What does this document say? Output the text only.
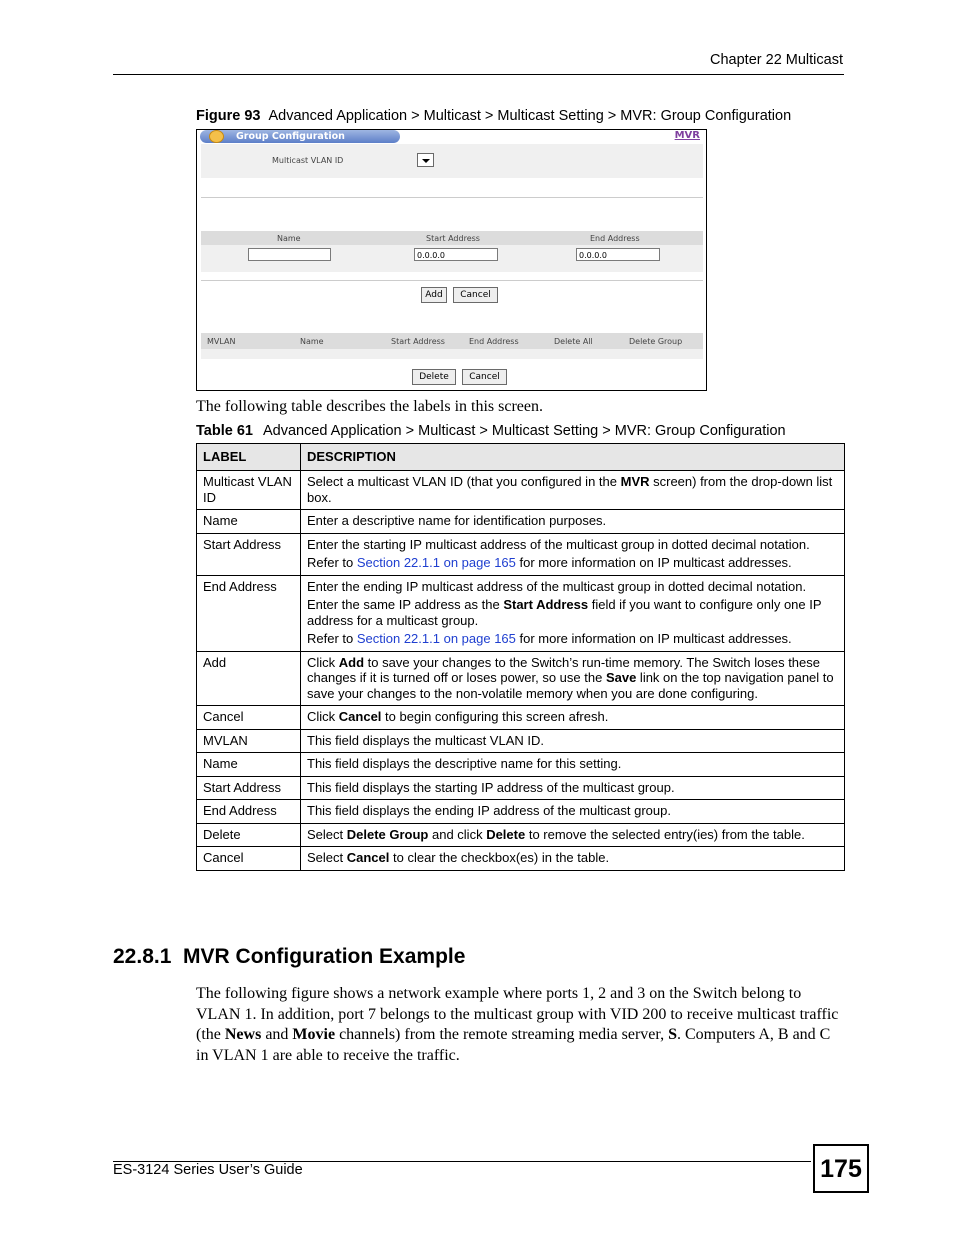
Chapter 22 Multicast
Figure 93 Advanced Application > Multicast > Multicast Setting > MVR: Group Configuration
Group Configuration	MVR
Multicast VLAN ID
Name	Start Address	End Address
0.0.0.0	0.0.0.0
Add	Cancel
MVLAN	Name	Start Address	End Address	Delete All	Delete Group
Delete	Cancel
The following table describes the labels in this screen.
Table 61 Advanced Application > Multicast > Multicast Setting > MVR: Group Configuration
LABEL	DESCRIPTION
Multicast VLAN ID	Select a multicast VLAN ID (that you configured in the MVR screen) from the drop-down list box.
Name	Enter a descriptive name for identification purposes.
Start Address	Enter the starting IP multicast address of the multicast group in dotted decimal notation.

Refer to Section 22.1.1 on page 165 for more information on IP multicast addresses.

End Address	Enter the ending IP multicast address of the multicast group in dotted decimal notation.

Enter the same IP address as the Start Address field if you want to configure only one IP address for a multicast group.

Refer to Section 22.1.1 on page 165 for more information on IP multicast addresses.

Add	Click Add to save your changes to the Switch’s run-time memory. The Switch loses these changes if it is turned off or loses power, so use the Save link on the top navigation panel to save your changes to the non-volatile memory when you are done configuring.
Cancel	Click Cancel to begin configuring this screen afresh.
MVLAN	This field displays the multicast VLAN ID.
Name	This field displays the descriptive name for this setting.
Start Address	This field displays the starting IP address of the multicast group.
End Address	This field displays the ending IP address of the multicast group.
Delete	Select Delete Group and click Delete to remove the selected entry(ies) from the table.
Cancel	Select Cancel to clear the checkbox(es) in the table.
22.8.1  MVR Configuration Example
The following figure shows a network example where ports 1, 2 and 3 on the Switch belong to VLAN 1. In addition, port 7 belongs to the multicast group with VID 200 to receive multicast traffic (the News and Movie channels) from the remote streaming media server, S. Computers A, B and C in VLAN 1 are able to receive the traffic.
ES-3124 Series User’s Guide	175
